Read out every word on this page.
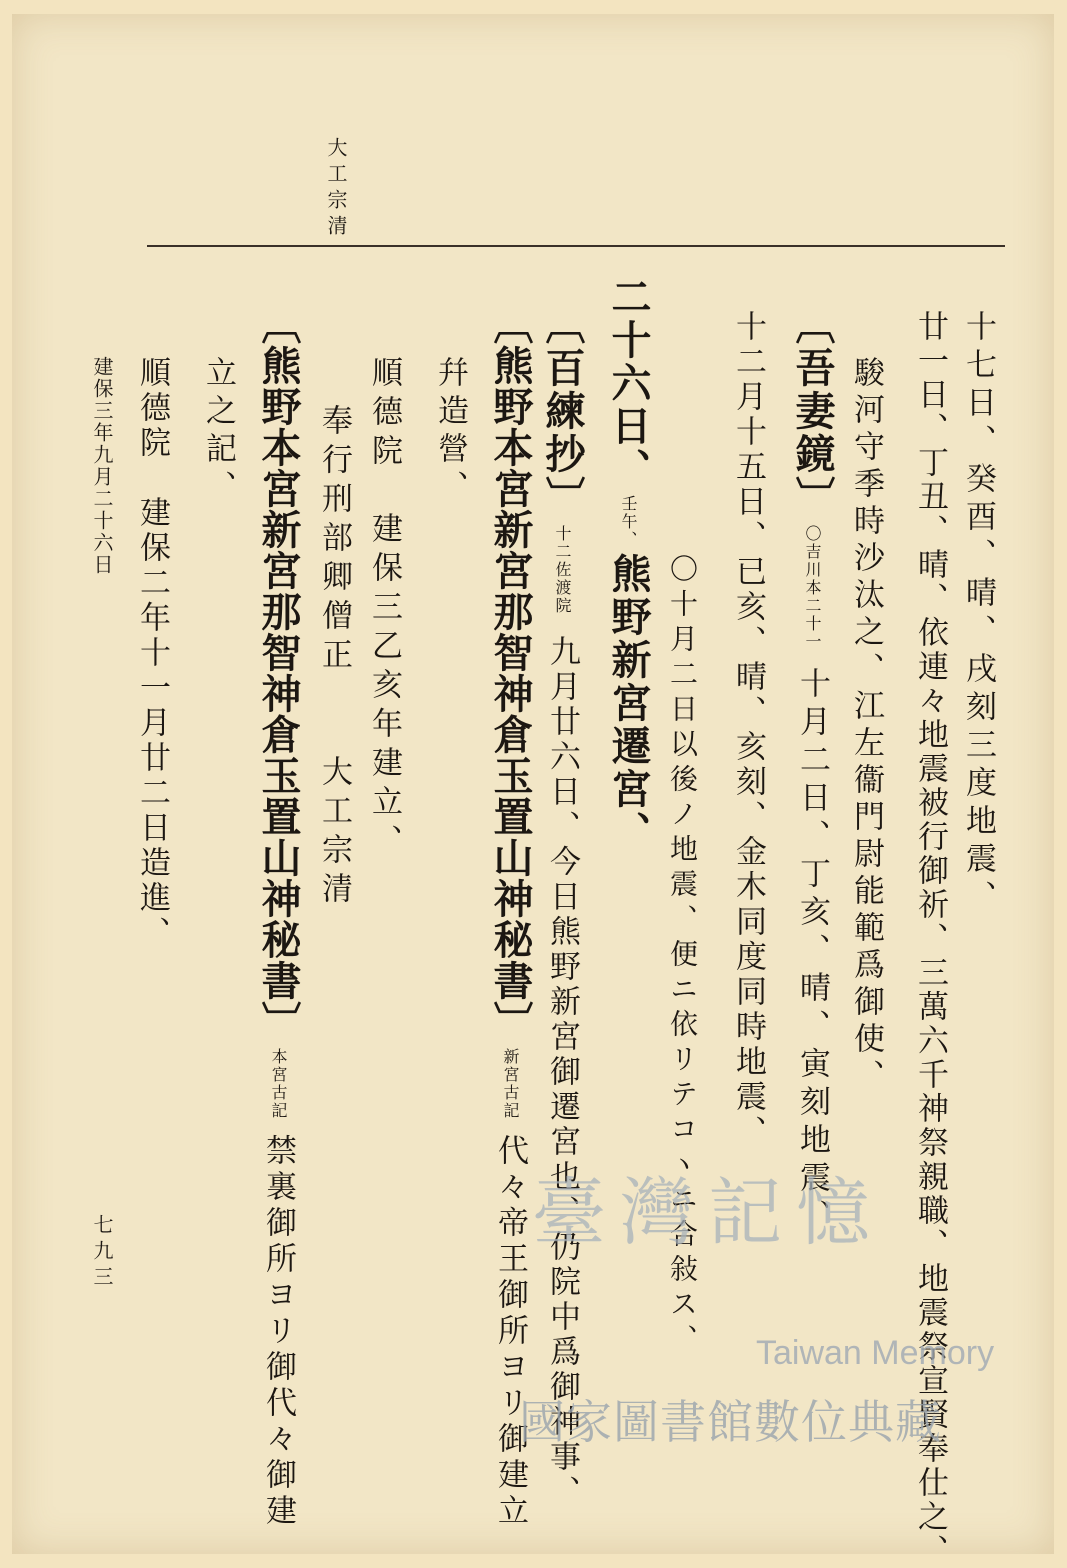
大工宗清
十七日、癸酉、晴、戌刻三度地震、
廿一日、丁丑、晴、依連々地震被行御祈、三萬六千神祭親職、地震祭宣賢奉仕之、
駿河守季時沙汰之、江左衞門尉能範爲御使、
〔吾妻鏡〕〇吉川本二十一十月二日、丁亥、晴、寅刻地震、
十二月十五日、已亥、晴、亥刻、金木同度同時地震、
〇十月二日以後ノ地震、便ニ依リテコヽニ合敍ス、
二十六日、壬午、熊野新宮遷宮、
〔百練抄〕十二佐渡院九月廿六日、今日熊野新宮御遷宮也、仍院中爲御神事、
〔熊野本宮新宮那智神倉玉置山神秘書〕新宮古記代々帝王御所ヨリ御建立
幷造營、
順德院　建保三乙亥年建立、
奉行刑部卿僧正　　大工宗清
〔熊野本宮新宮那智神倉玉置山神秘書〕本宮古記禁裏御所ヨリ御代々御建
立之記、
順德院　建保二年十一月廿二日造進、
建保三年九月二十六日
七九三	臺灣記憶
Taiwan Memory
國家圖書館數位典藏
